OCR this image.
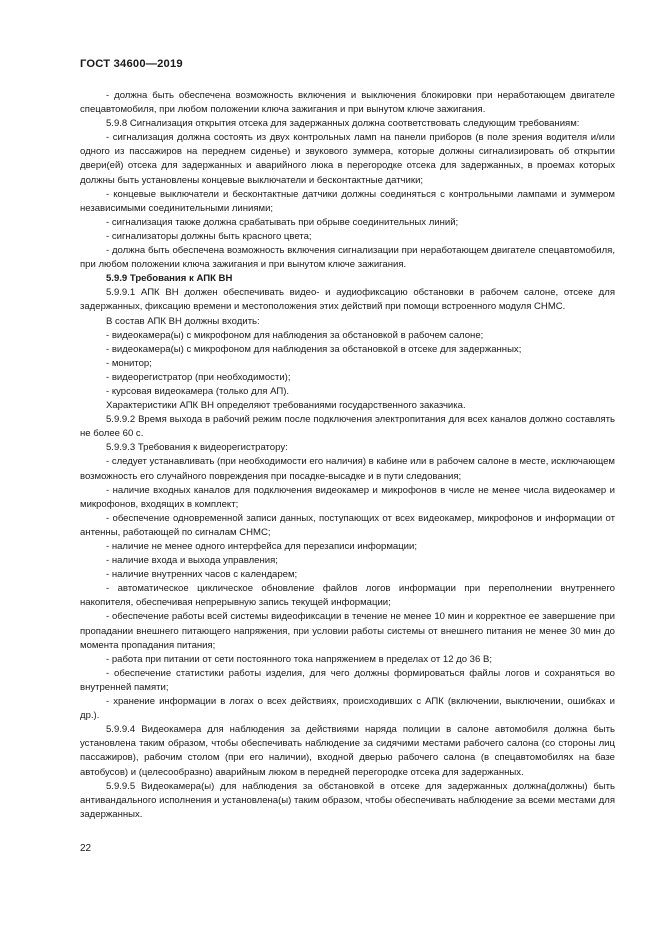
ГОСТ 34600—2019

- должна быть обеспечена возможность включения и выключения блокировки при неработающем двигателе спецавтомобиля, при любом положении ключа зажигания и при вынутом ключе зажигания.

5.9.8 Сигнализация открытия отсека для задержанных должна соответствовать следующим требованиям:

- сигнализация должна состоять из двух контрольных ламп на панели приборов (в поле зрения водителя и/или одного из пассажиров на переднем сиденье) и звукового зуммера, которые должны сигнализировать об открытии двери(ей) отсека для задержанных и аварийного люка в перегородке отсека для задержанных, в проемах которых должны быть установлены концевые выключатели и бесконтактные датчики;

- концевые выключатели и бесконтактные датчики должны соединяться с контрольными лампами и зуммером независимыми соединительными линиями;

- сигнализация также должна срабатывать при обрыве соединительных линий;

- сигнализаторы должны быть красного цвета;

- должна быть обеспечена возможность включения сигнализации при неработающем двигателе спецавтомобиля, при любом положении ключа зажигания и при вынутом ключе зажигания.

5.9.9 Требования к АПК ВН

5.9.9.1 АПК ВН должен обеспечивать видео- и аудиофиксацию обстановки в рабочем салоне, отсеке для задержанных, фиксацию времени и местоположения этих действий при помощи встроенного модуля СНМС.

В состав АПК ВН должны входить:

- видеокамера(ы) с микрофоном для наблюдения за обстановкой в рабочем салоне;

- видеокамера(ы) с микрофоном для наблюдения за обстановкой в отсеке для задержанных;

- монитор;

- видеорегистратор (при необходимости);

- курсовая видеокамера (только для АП).

Характеристики АПК ВН определяют требованиями государственного заказчика.

5.9.9.2 Время выхода в рабочий режим после подключения электропитания для всех каналов должно составлять не более 60 с.

5.9.9.3 Требования к видеорегистратору:

- следует устанавливать (при необходимости его наличия) в кабине или в рабочем салоне в месте, исключающем возможность его случайного повреждения при посадке-высадке и в пути следования;

- наличие входных каналов для подключения видеокамер и микрофонов в числе не менее числа видеокамер и микрофонов, входящих в комплект;

- обеспечение одновременной записи данных, поступающих от всех видеокамер, микрофонов и информации от антенны, работающей по сигналам СНМС;

- наличие не менее одного интерфейса для перезаписи информации;

- наличие входа и выхода управления;

- наличие внутренних часов с календарем;

- автоматическое циклическое обновление файлов логов информации при переполнении внутреннего накопителя, обеспечивая непрерывную запись текущей информации;

- обеспечение работы всей системы видеофиксации в течение не менее 10 мин и корректное ее завершение при пропадании внешнего питающего напряжения, при условии работы системы от внешнего питания не менее 30 мин до момента пропадания питания;

- работа при питании от сети постоянного тока напряжением в пределах от 12 до 36 В;

- обеспечение статистики работы изделия, для чего должны формироваться файлы логов и сохраняться во внутренней памяти;

- хранение информации в логах о всех действиях, происходивших с АПК (включении, выключении, ошибках и др.).

5.9.9.4 Видеокамера для наблюдения за действиями наряда полиции в салоне автомобиля должна быть установлена таким образом, чтобы обеспечивать наблюдение за сидячими местами рабочего салона (со стороны лиц пассажиров), рабочим столом (при его наличии), входной дверью рабочего салона (в спецавтомобилях на базе автобусов) и (целесообразно) аварийным люком в передней перегородке отсека для задержанных.

5.9.9.5 Видеокамера(ы) для наблюдения за обстановкой в отсеке для задержанных должна(должны) быть антивандального исполнения и установлена(ы) таким образом, чтобы обеспечивать наблюдение за всеми местами для задержанных.

22
